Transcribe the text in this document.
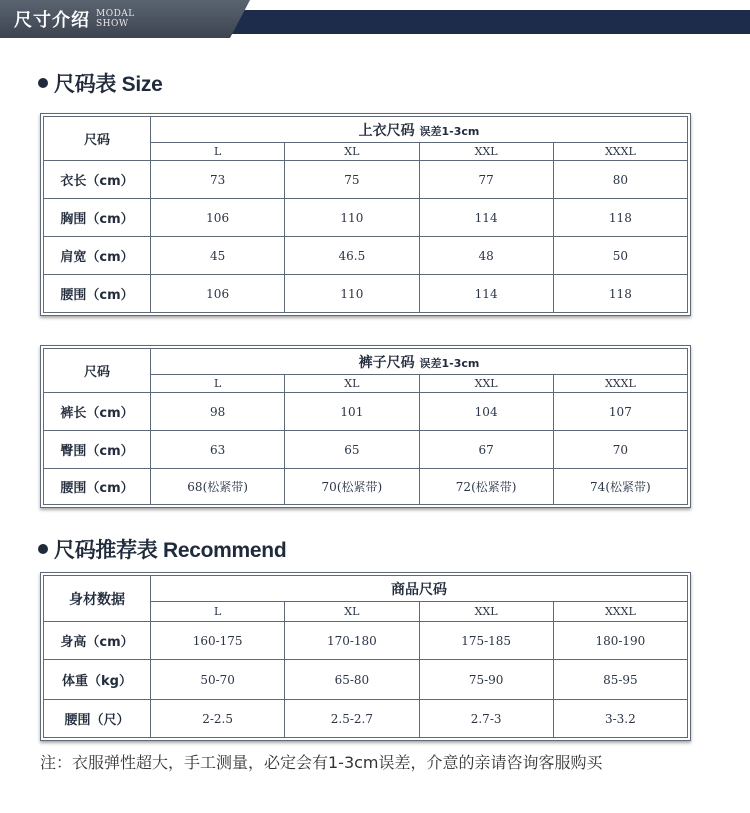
尺寸介绍 MODAL
SHOW
尺码表 Size
尺码	上衣尺码 误差1-3cm			
	L	XL	XXL	XXXL
衣长（cm）	73	75	77	80
胸围（cm）	106	110	114	118
肩宽（cm）	45	46.5	48	50
腰围（cm）	106	110	114	118
尺码	裤子尺码 误差1-3cm			
	L	XL	XXL	XXXL
裤长（cm）	98	101	104	107
臀围（cm）	63	65	67	70
腰围（cm）	68(松紧带)	70(松紧带)	72(松紧带)	74(松紧带)
尺码推荐表 Recommend
身材数据	商品尺码			
	L	XL	XXL	XXXL
身高（cm）	160-175	170-180	175-185	180-190
体重（kg）	50-70	65-80	75-90	85-95
腰围（尺）	2-2.5	2.5-2.7	2.7-3	3-3.2
注：衣服弹性超大，手工测量，必定会有1-3cm误差，介意的亲请咨询客服购买
